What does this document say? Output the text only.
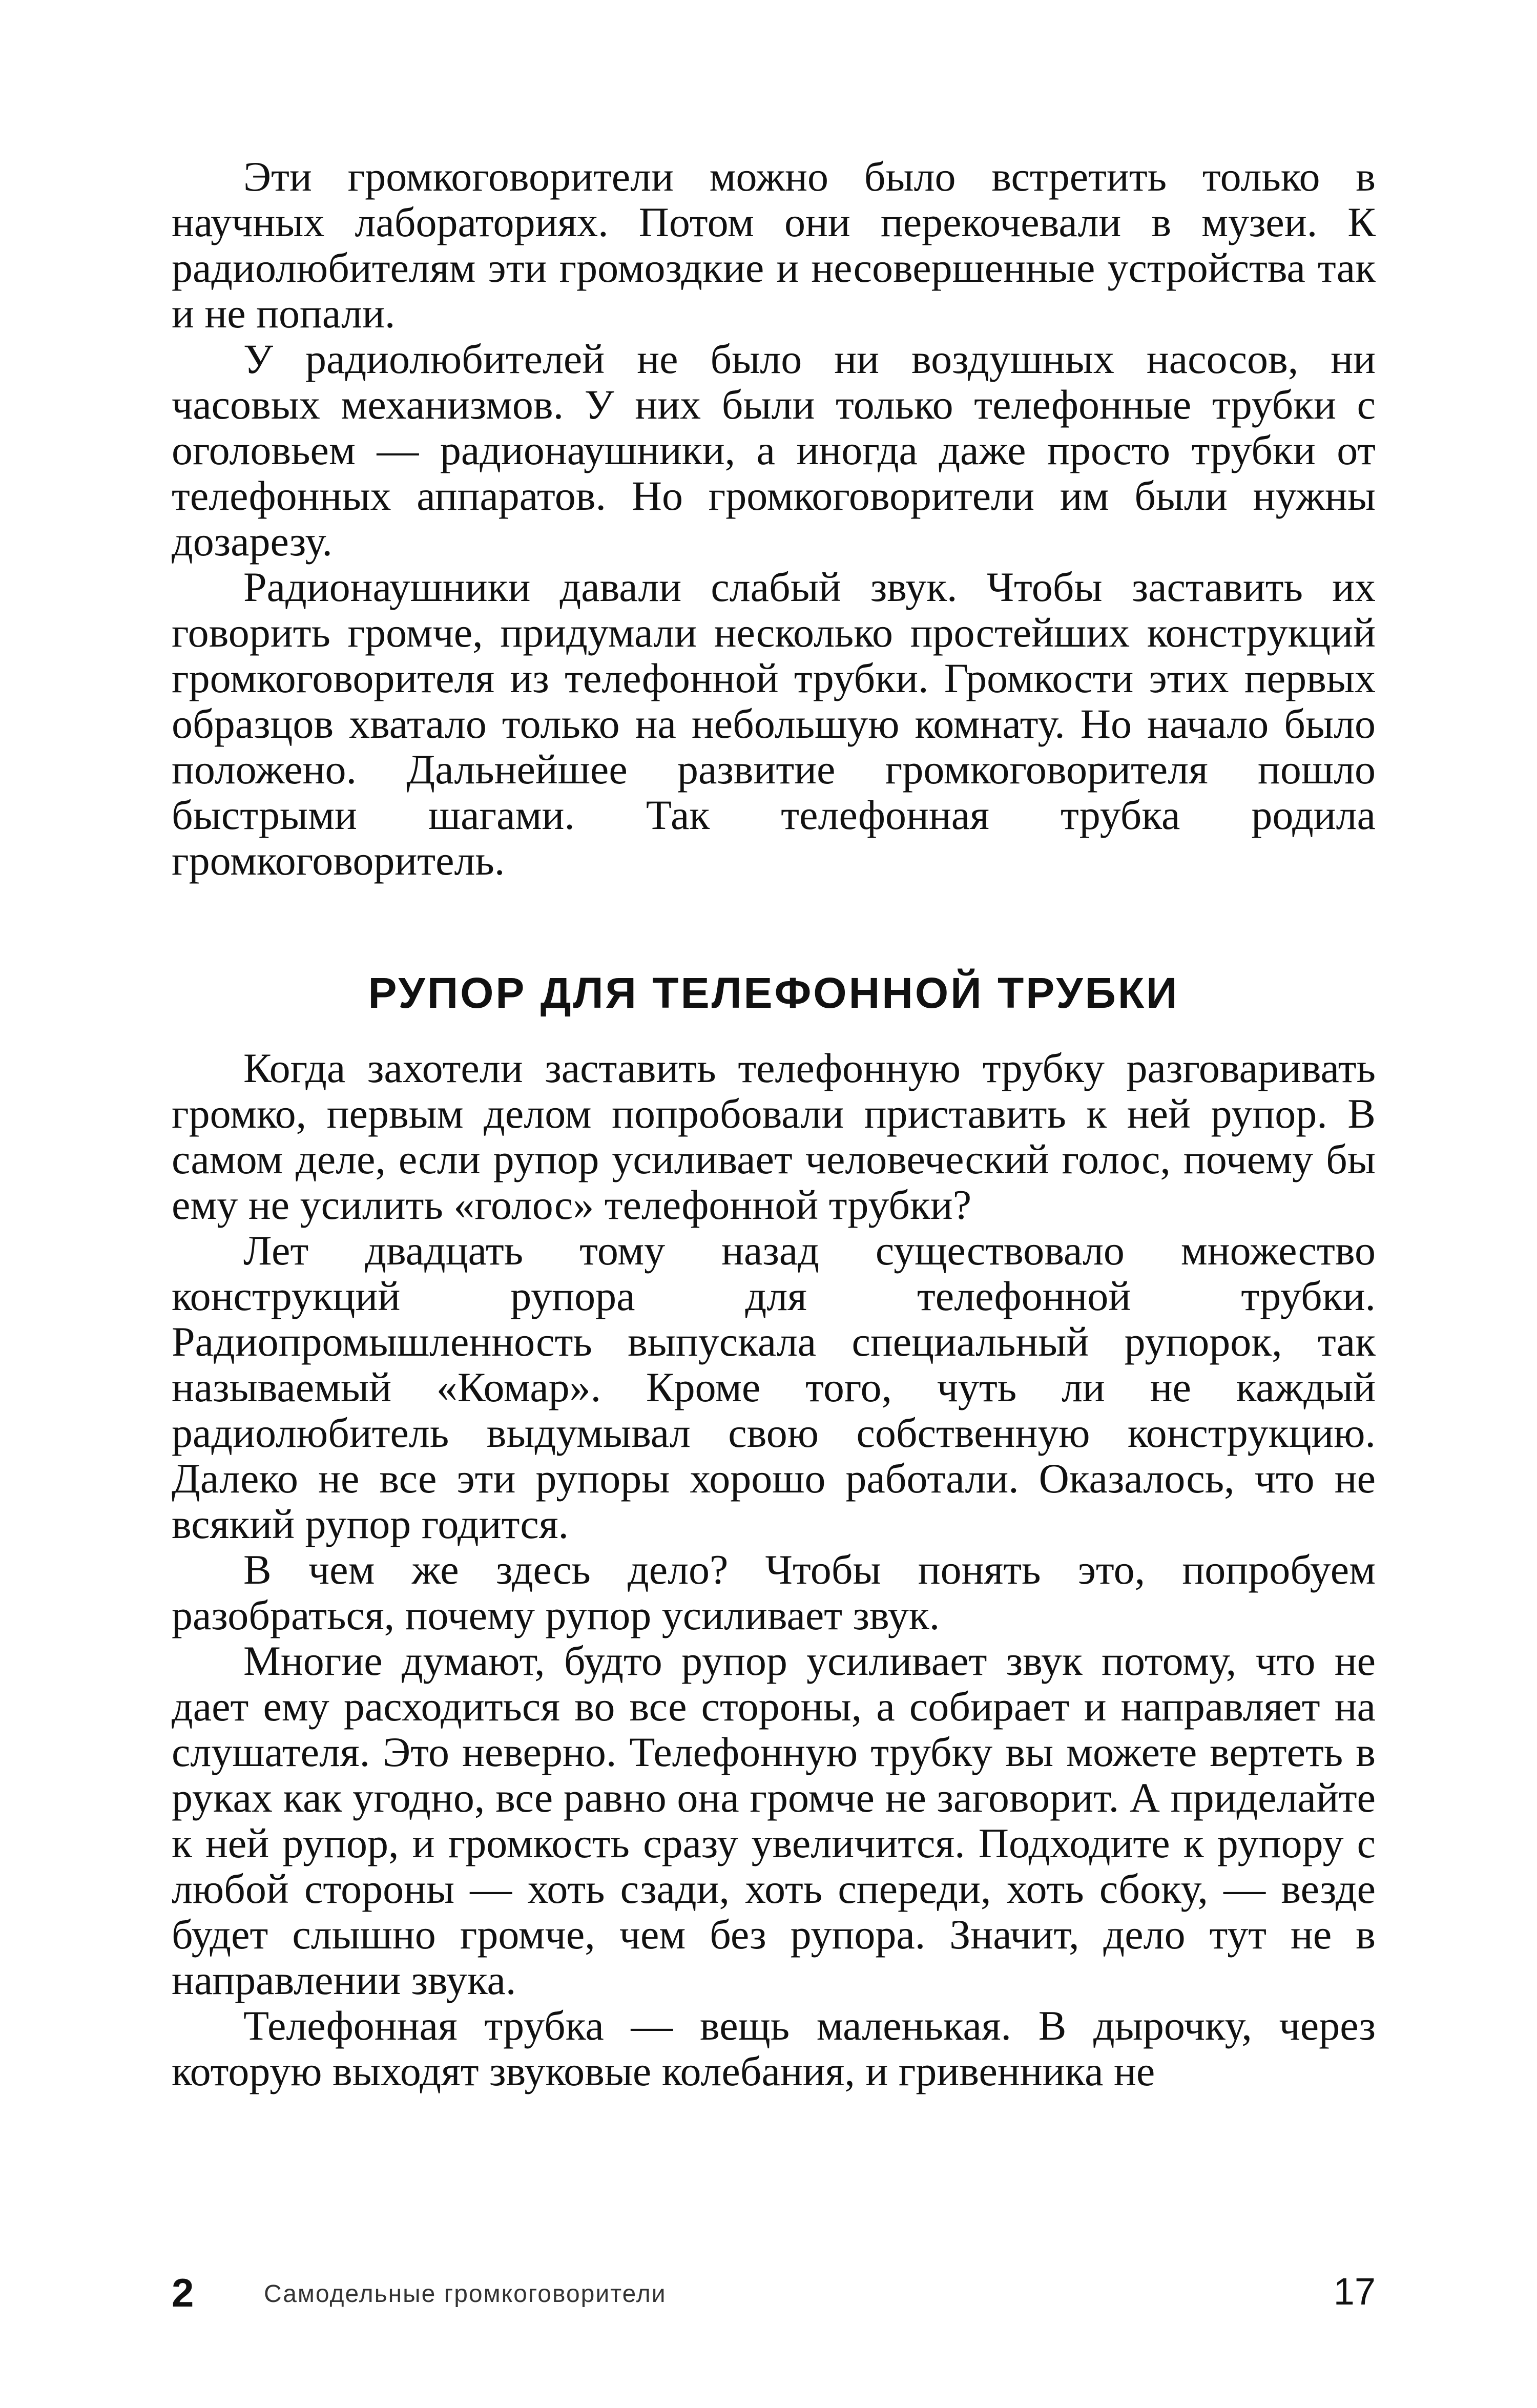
Эти громкоговорители можно было встретить только в научных лабораториях. Потом они перекочевали в музеи. К радиолюбителям эти громоздкие и несовершенные устройства так и не попали.

У радиолюбителей не было ни воздушных насосов, ни часовых механизмов. У них были только телефонные трубки с оголовьем — радионаушники, а иногда даже просто трубки от телефонных аппаратов. Но громкоговорители им были нужны дозарезу.

Радионаушники давали слабый звук. Чтобы заставить их говорить громче, придумали несколько простейших конструкций громкоговорителя из телефонной трубки. Громкости этих первых образцов хватало только на небольшую комнату. Но начало было положено. Дальнейшее развитие громкоговорителя пошло быстрыми шагами. Так телефонная трубка родила громкоговоритель.

РУПОР ДЛЯ ТЕЛЕФОННОЙ ТРУБКИ

Когда захотели заставить телефонную трубку разговаривать громко, первым делом попробовали приставить к ней рупор. В самом деле, если рупор усиливает человеческий голос, почему бы ему не усилить «голос» телефонной трубки?

Лет двадцать тому назад существовало множество конструкций рупора для телефонной трубки. Радиопромышленность выпускала специальный рупорок, так называемый «Комар». Кроме того, чуть ли не каждый радиолюбитель выдумывал свою собственную конструкцию. Далеко не все эти рупоры хорошо работали. Оказалось, что не всякий рупор годится.

В чем же здесь дело? Чтобы понять это, попробуем разобраться, почему рупор усиливает звук.

Многие думают, будто рупор усиливает звук потому, что не дает ему расходиться во все стороны, а собирает и направляет на слушателя. Это неверно. Телефонную трубку вы можете вертеть в руках как угодно, все равно она громче не заговорит. А приделайте к ней рупор, и громкость сразу увеличится. Подходите к рупору с любой стороны — хоть сзади, хоть спереди, хоть сбоку, — везде будет слышно громче, чем без рупора. Значит, дело тут не в направлении звука.

Телефонная трубка — вещь маленькая. В дырочку, через которую выходят звуковые колебания, и гривенника не

2	Самодельные громкоговорители	17
